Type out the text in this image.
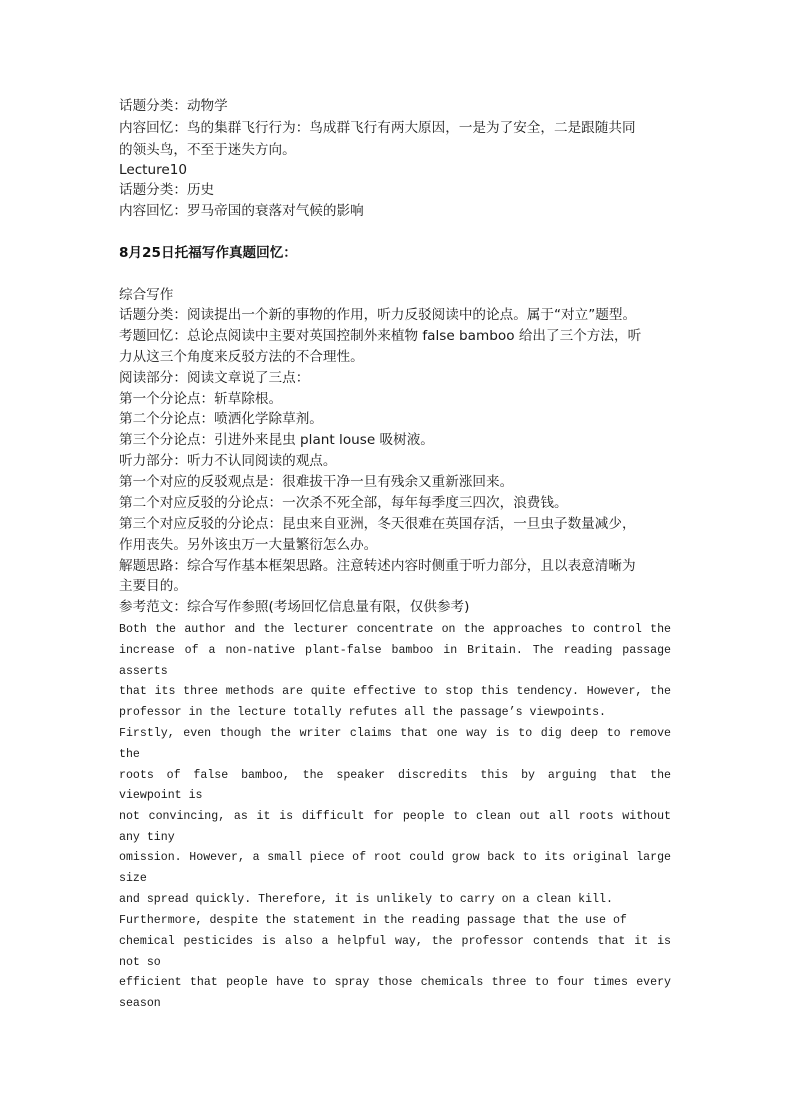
话题分类：动物学
内容回忆：鸟的集群飞行行为：鸟成群飞行有两大原因，一是为了安全，二是跟随共同
的领头鸟，不至于迷失方向。
Lecture10
话题分类：历史
内容回忆：罗马帝国的衰落对气候的影响
8月25日托福写作真题回忆：
综合写作
话题分类：阅读提出一个新的事物的作用，听力反驳阅读中的论点。属于“对立”题型。
考题回忆：总论点阅读中主要对英国控制外来植物 false bamboo 给出了三个方法，听
力从这三个角度来反驳方法的不合理性。
阅读部分：阅读文章说了三点：
第一个分论点：斩草除根。
第二个分论点：喷洒化学除草剂。
第三个分论点：引进外来昆虫 plant louse 吸树液。
听力部分：听力不认同阅读的观点。
第一个对应的反驳观点是：很难拔干净一旦有残余又重新涨回来。
第二个对应反驳的分论点：一次杀不死全部，每年每季度三四次，浪费钱。
第三个对应反驳的分论点：昆虫来自亚洲，冬天很难在英国存活，一旦虫子数量减少，
作用丧失。另外该虫万一大量繁衍怎么办。
解题思路：综合写作基本框架思路。注意转述内容时侧重于听力部分，且以表意清晰为
主要目的。
参考范文：综合写作参照(考场回忆信息量有限，仅供参考)
Both the author and the lecturer concentrate on the approaches to control the
increase of a non-native plant-false bamboo in Britain. The reading passage
asserts
that its three methods are quite effective to stop this tendency. However, the
professor in the lecture totally refutes all the passage’s viewpoints.
Firstly, even though the writer claims that one way is to dig deep to remove
the
roots of false bamboo, the speaker discredits this by arguing that the
viewpoint is
not convincing, as it is difficult for people to clean out all roots without
any tiny
omission. However, a small piece of root could grow back to its original large
size
and spread quickly. Therefore, it is unlikely to carry on a clean kill.
Furthermore, despite the statement in the reading passage that the use of
chemical pesticides is also a helpful way, the professor contends that it is
not so
efficient that people have to spray those chemicals three to four times every
season
